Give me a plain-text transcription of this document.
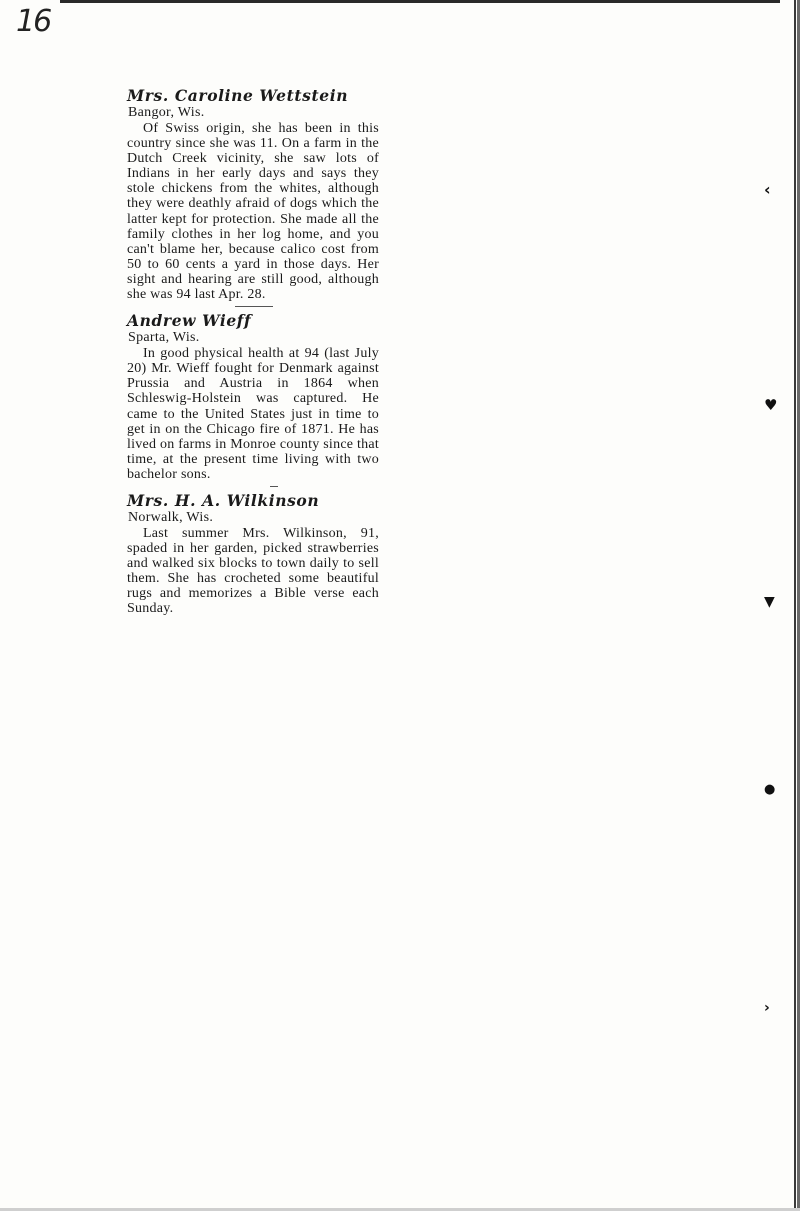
16

Mrs. Caroline Wettstein

Bangor, Wis.

Of Swiss origin, she has been in this country since she was 11. On a farm in the Dutch Creek vicinity, she saw lots of Indians in her early days and says they stole chickens from the whites, although they were deathly afraid of dogs which the latter kept for protection. She made all the family clothes in her log home, and you can't blame her, because calico cost from 50 to 60 cents a yard in those days. Her sight and hearing are still good, although she was 94 last Apr. 28.

Andrew Wieff

Sparta, Wis.

In good physical health at 94 (last July 20) Mr. Wieff fought for Denmark against Prussia and Austria in 1864 when Schleswig-Holstein was captured. He came to the United States just in time to get in on the Chicago fire of 1871. He has lived on farms in Monroe county since that time, at the present time living with two bachelor sons.

Mrs. H. A. Wilkinson

Norwalk, Wis.

Last summer Mrs. Wilkinson, 91, spaded in her garden, picked strawberries and walked six blocks to town daily to sell them. She has crocheted some beautiful rugs and memorizes a Bible verse each Sunday.

‹
♥
▼
●
›
